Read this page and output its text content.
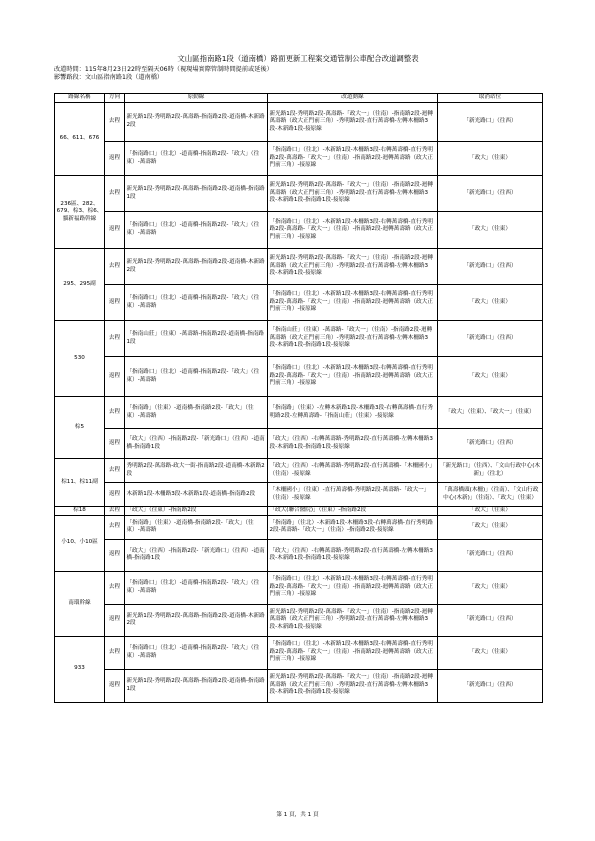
文山區指南路1段（道南橋）路面更新工程案交通管制公車配合改道調整表
改道時間：115年8月23日22時至隔天06時（視現場實際管制時間提前或延後）
影響路段：文山區指南路1段（道南橋）
路線名稱	方向	原動線	改道動線	取消站位
66、611、676	去程	新光路1段-秀明路2段-萬壽路-指南路2段-道南橋-木新路2段	新光路1段-秀明路2段-萬壽路-「政大一」（往南）-指南路2段-迴轉萬壽路（政大正門前三角）-秀明路2段-直行萬壽橋-左轉木柵路3段-木新路1段-接原線	「新光路口」（往西）
	返程	「指南路口」（往北）-道南橋-指南路2段-「政大」（往東）-萬壽路	「指南路口」（往北）-木新路1段-木柵路3段-右轉萬壽橋-直行秀明路2段-萬壽路-「政大一」（往南）-指南路2段-迴轉萬壽路（政大正門前三角）-接原線	「政大」（往東）
236區、282、679、棕3、棕6、貓新福路幹線	去程	新光路1段-秀明路2段-萬壽路-指南路2段-道南橋-指南路1段	新光路1段-秀明路2段-萬壽路-「政大一」（往南）-指南路2段-迴轉萬壽路（政大正門前三角）-秀明路2段-直行萬壽橋-左轉木柵路3段-木新路1段-指南路1段-接原線	「新光路口」（往西）
	返程	「指南路口」（往北）-道南橋-指南路2段-「政大」（往東）-萬壽路	「指南路口」（往北）-木新路1段-木柵路3段-右轉萬壽橋-直行秀明路2段-萬壽路-「政大一」（往南）-指南路2段-迴轉萬壽路（政大正門前三角）-接原線	「政大」（往東）
295、295副	去程	新光路1段-秀明路2段-萬壽路-指南路2段-道南橋-木新路2段	新光路1段-秀明路2段-萬壽路-「政大一」（往南）-指南路2段-迴轉萬壽路（政大正門前三角）-秀明路2段-直行萬壽橋-左轉木柵路3段-木新路1段-接原線	「新光路口」（往西）
	返程	「指南路口」（往北）-道南橋-指南路2段-「政大」（往東）-萬壽路	「指南路口」（往北）-木新路1段-木柵路3段-右轉萬壽橋-直行秀明路2段-萬壽路-「政大一」（往南）-指南路2段-迴轉萬壽路（政大正門前三角）-接原線	「政大」（往東）
530	去程	「指南山莊」（往東）-萬壽路-指南路2段-道南橋-指南路1段	「指南山莊」（往東）-萬壽路-「政大一」（往南）-指南路2段-迴轉萬壽路（政大正門前三角）-秀明路2段-直行萬壽橋-左轉木柵路3段-木新路1段-指南路1段-接原線	「新光路口」（往西）
	返程	「指南路口」（往北）-道南橋-指南路2段-「政大」（往東）-萬壽路	「指南路口」（往北）-木新路1段-木柵路3段-右轉萬壽橋-直行秀明路2段-萬壽路-「政大一」（往南）-指南路2段-迴轉萬壽路（政大正門前三角）-接原線	「政大」（往東）
棕5	去程	「指南路」（往東）-道南橋-指南路2段-「政大」（往東）-萬壽路	「指南路」（往東）-左轉木新路1段-木柵路3段-右轉萬壽橋-直行秀明路2段-左轉萬壽路-「指南山莊」（往東）-接原線	「政大」（往東）、「政大一」（往東）
	返程	「政大」（往西）-指南路2段-「新光路口」（往西）-道南橋-指南路1段	「政大」（往西）-右轉萬壽路-秀明路2段-直行萬壽橋-左轉木柵路3段-木新路1段-指南路1段-接原線	「新光路口」（往西）
棕11、棕11副	去程	秀明路2段-萬壽路-政大一街-指南路2段-道南橋-木新路2段	「政大」（往西）-右轉萬壽路-秀明路2段-直行萬壽橋-「木柵國小」（往南）-接原線	「新光路口」（往西）、「文山行政中心(木新)」（往北）
	返程	木新路1段-木柵路3段-木新路1段-道南橋-指南路2段	「木柵國小」（往東）-直行萬壽橋-秀明路2段-萬壽路-「政大一」（往南）-接原線	「萬壽橋頭(木柵)」（往南）、「文山行政中心(木新)」（往南）、「政大」（往東）
棕18	去程	「政大」（往東）-指南路2段	「政大(聯合醫院)」（往東）-指南路2段	「政大」（往東）
小10、小10區	去程	「指南路」（往東）-道南橋-指南路2段-「政大」（往東）-萬壽路	「指南路」（往北）-木新路1段-木柵路3段-右轉萬壽橋-直行秀明路2段-萬壽路-「政大一」（往南）-指南路2段-接原線	「政大」（往東）
	返程	「政大」（往西）-指南路2段-「新光路口」（往西）-道南橋-指南路1段	「政大」（往西）-右轉萬壽路-秀明路2段-直行萬壽橋-左轉木柵路3段-木新路1段-指南路1段-接原線	「新光路口」（往西）
南環幹線	去程	「指南路口」（往北）-道南橋-指南路2段-「政大」（往東）-萬壽路	「指南路口」（往北）-木新路1段-木柵路3段-右轉萬壽橋-直行秀明路2段-萬壽路-「政大一」（往南）-指南路2段-迴轉萬壽路（政大正門前三角）-接原線	「政大」（往東）
	返程	新光路1段-秀明路2段-萬壽路-指南路2段-道南橋-木新路2段	新光路1段-秀明路2段-萬壽路-「政大一」（往南）-指南路2段-迴轉萬壽路（政大正門前三角）-秀明路2段-直行萬壽橋-左轉木柵路3段-木新路1段-接原線	「新光路口」（往西）
933	去程	「指南路口」（往北）-道南橋-指南路2段-「政大」（往東）-萬壽路	「指南路口」（往北）-木新路1段-木柵路3段-右轉萬壽橋-直行秀明路2段-萬壽路-「政大一」（往南）-指南路2段-迴轉萬壽路（政大正門前三角）-接原線	「政大」（往東）
	返程	新光路1段-秀明路2段-萬壽路-指南路2段-道南橋-指南路1段	新光路1段-秀明路2段-萬壽路-「政大一」（往南）-指南路2段-迴轉萬壽路（政大正門前三角）-秀明路2段-直行萬壽橋-左轉木柵路3段-木新路1段-指南路1段-接原線	「新光路口」（往西）
第 1 頁，共 1 頁
